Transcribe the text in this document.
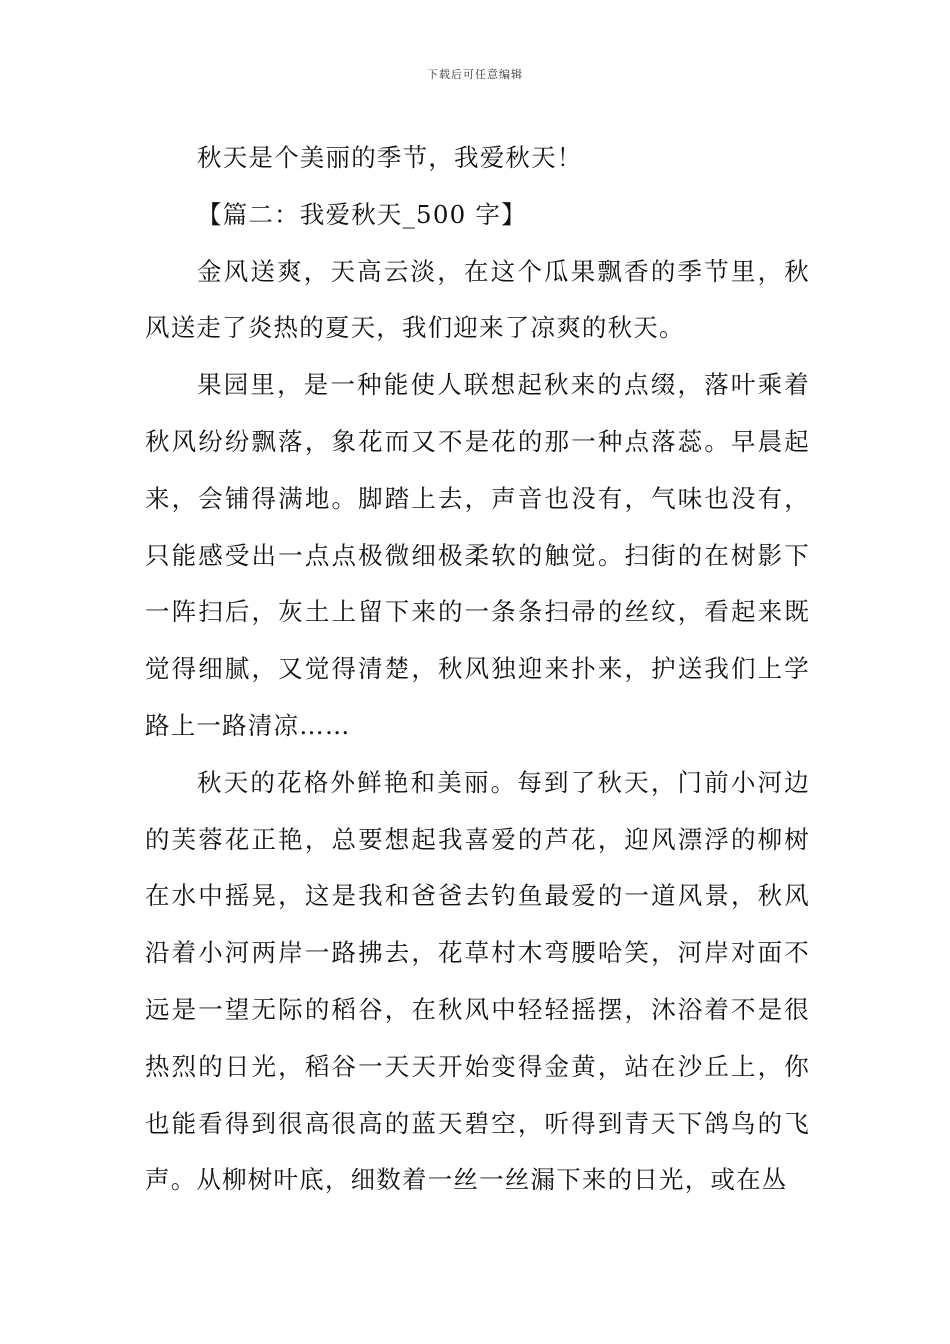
下载后可任意编辑

秋天是个美丽的季节，我爱秋天！

【篇二：我爱秋天_500 字】

金风送爽，天高云淡，在这个瓜果飘香的季节里，秋风送走了炎热的夏天，我们迎来了凉爽的秋天。

果园里，是一种能使人联想起秋来的点缀，落叶乘着秋风纷纷飘落，象花而又不是花的那一种点落蕊。早晨起来，会铺得满地。脚踏上去，声音也没有，气味也没有，只能感受出一点点极微细极柔软的触觉。扫街的在树影下一阵扫后，灰土上留下来的一条条扫帚的丝纹，看起来既觉得细腻，又觉得清楚，秋风独迎来扑来，护送我们上学路上一路清凉……

秋天的花格外鲜艳和美丽。每到了秋天，门前小河边的芙蓉花正艳，总要想起我喜爱的芦花，迎风漂浮的柳树在水中摇晃，这是我和爸爸去钓鱼最爱的一道风景，秋风沿着小河两岸一路拂去，花草村木弯腰哈笑，河岸对面不远是一望无际的稻谷，在秋风中轻轻摇摆，沐浴着不是很热烈的日光，稻谷一天天开始变得金黄，站在沙丘上，你也能看得到很高很高的蓝天碧空，听得到青天下鸽鸟的飞声。从柳树叶底，细数着一丝一丝漏下来的日光，或在丛
